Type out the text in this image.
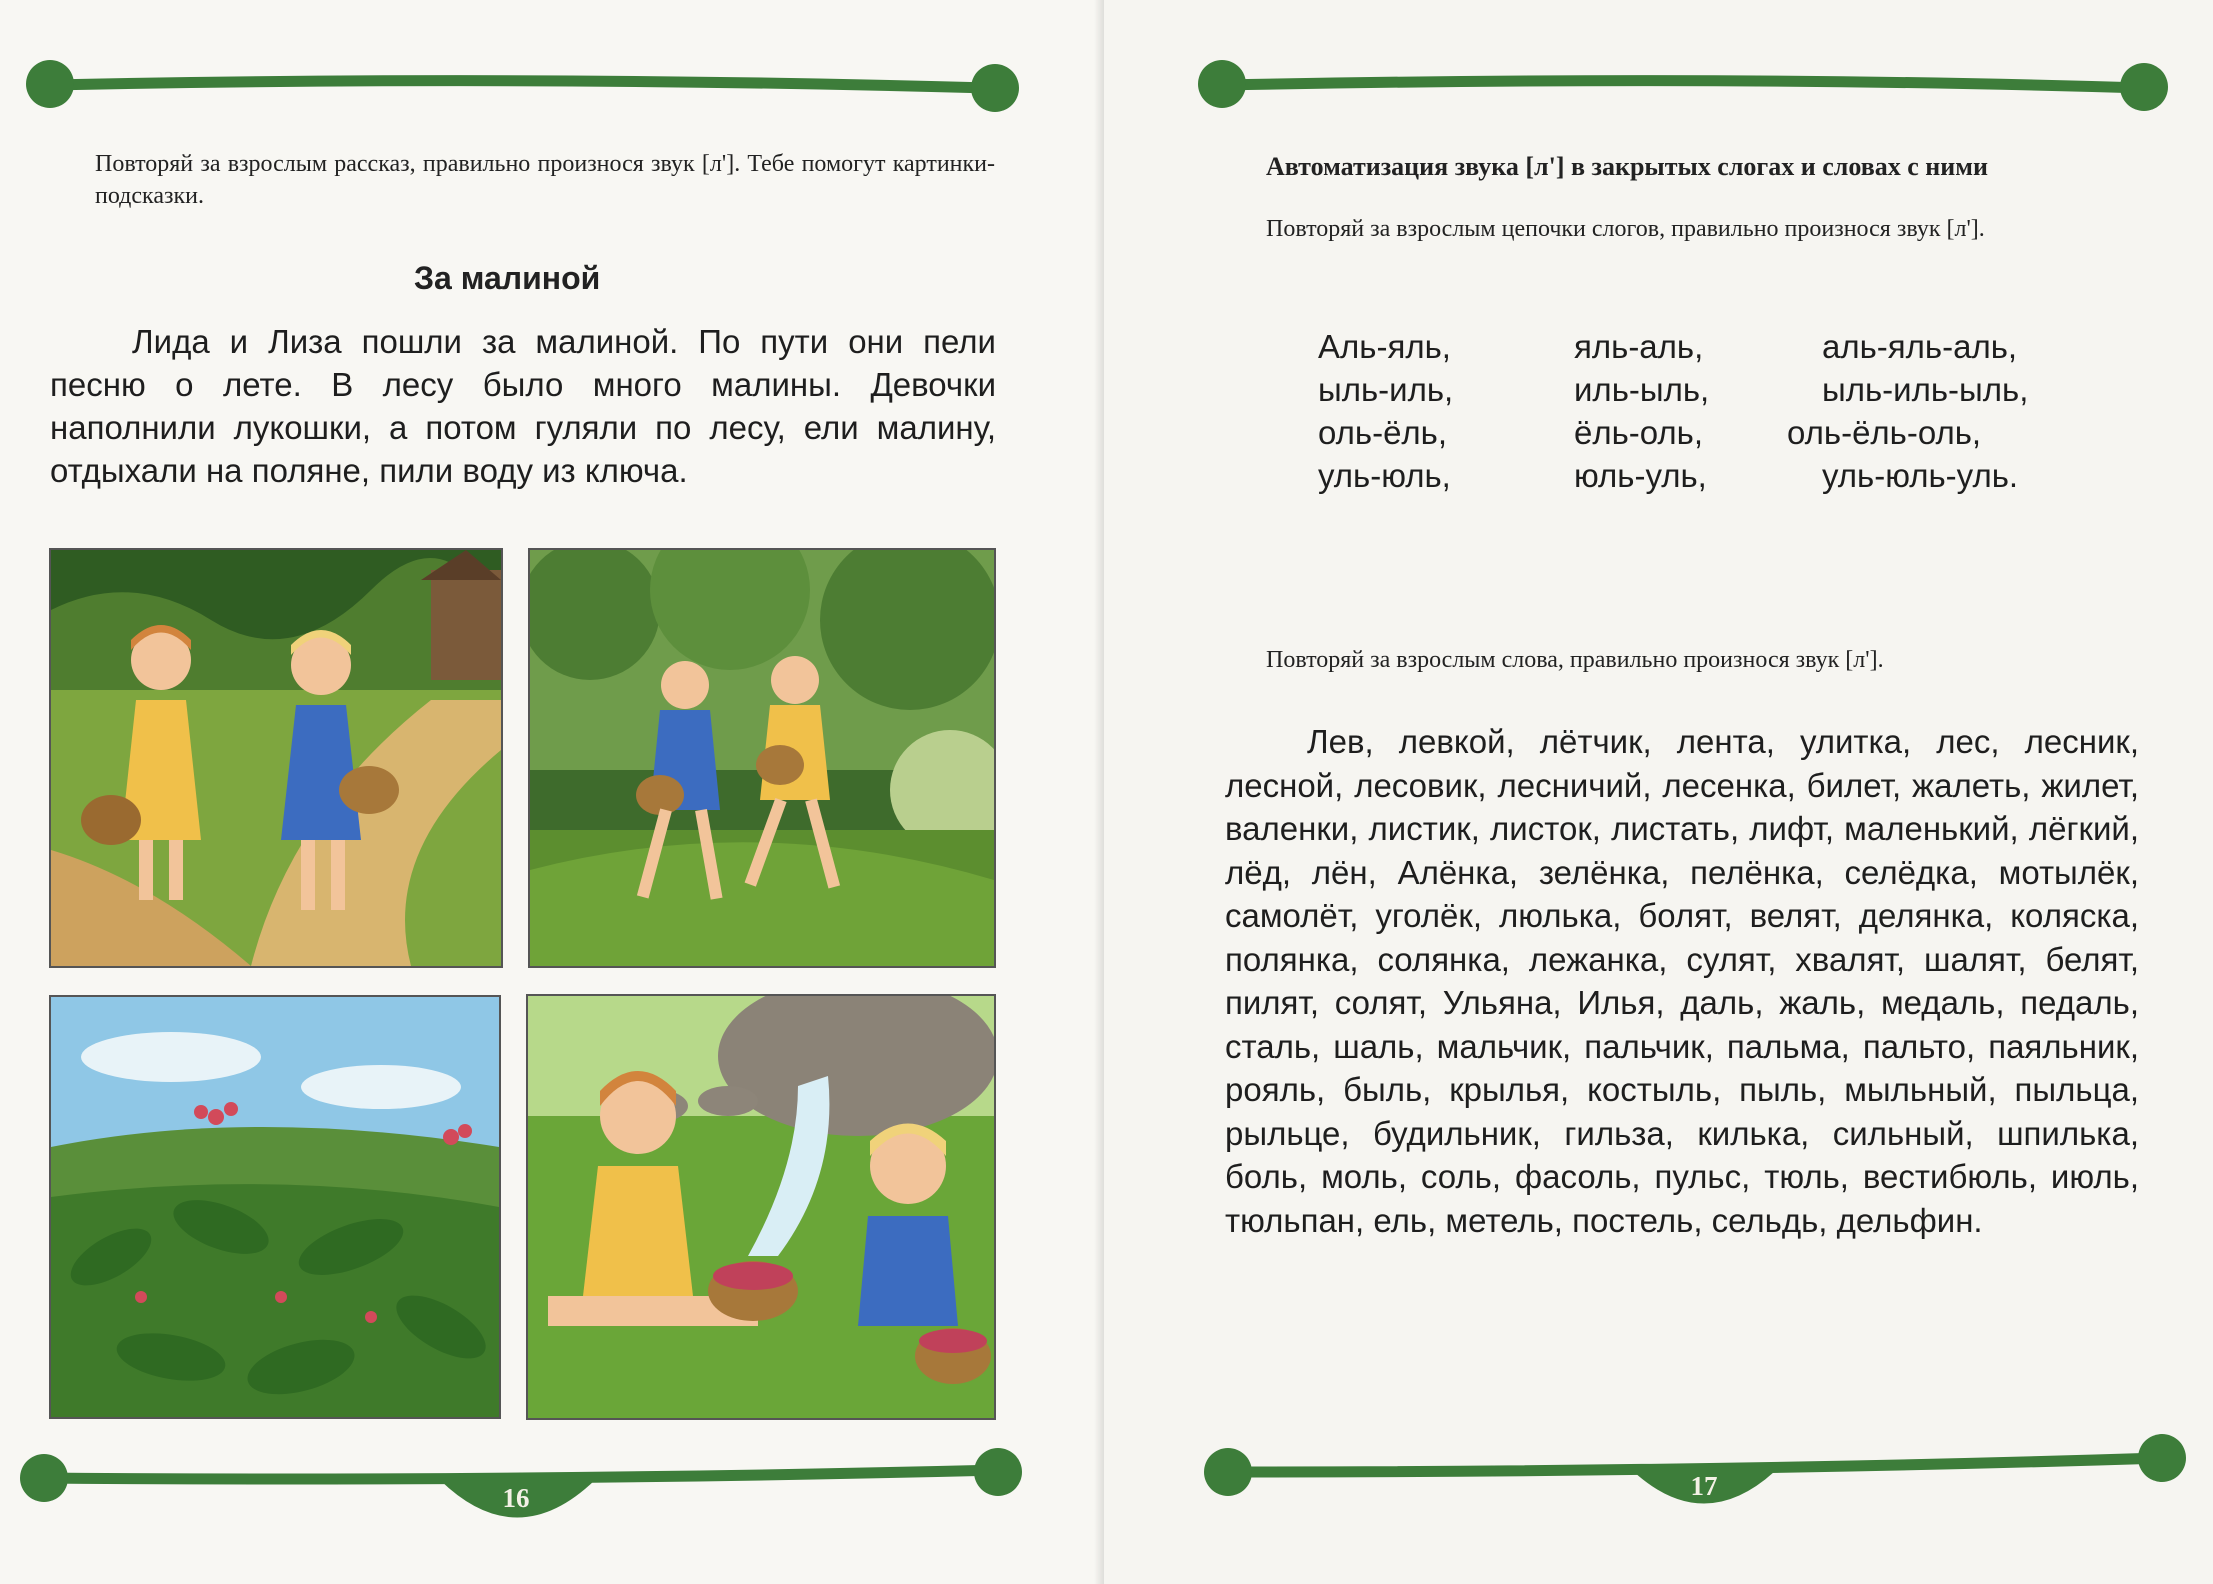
Повторяй за взрослым рассказ, правильно произнося звук [л']. Тебе помогут картинки-подсказки.
За малиной
Лида и Лиза пошли за малиной. По пути они пели песню о лете. В лесу было много малины. Девочки наполнили лукошки, а потом гуляли по лесу, ели малину, отдыхали на поляне, пили воду из ключа.
16
Автоматизация звука [л'] в закрытых слогах и словах с ними
Повторяй за взрослым цепочки слогов, правильно произнося звук [л'].
Аль-яль,	яль-аль,	аль-яль-аль,
ыль-иль,	иль-ыль,	ыль-иль-ыль,
оль-ёль,	ёль-оль,	оль-ёль-оль,
уль-юль,	юль-уль,	уль-юль-уль.
Повторяй за взрослым слова, правильно произнося звук [л'].
Лев, левкой, лётчик, лента, улитка, лес, лесник, лесной, лесовик, лесничий, лесенка, билет, жалеть, жилет, валенки, листик, листок, листать, лифт, маленький, лёгкий, лёд, лён, Алёнка, зелёнка, пелёнка, селёдка, мотылёк, самолёт, уголёк, люлька, болят, велят, делянка, коляска, полянка, солянка, лежанка, сулят, хвалят, шалят, белят, пилят, солят, Ульяна, Илья, даль, жаль, медаль, педаль, сталь, шаль, мальчик, пальчик, пальма, пальто, паяльник, рояль, быль, крылья, костыль, пыль, мыльный, пыльца, рыльце, будильник, гильза, килька, сильный, шпилька, боль, моль, соль, фасоль, пульс, тюль, вестибюль, июль, тюльпан, ель, метель, постель, сельдь, дельфин.
17
